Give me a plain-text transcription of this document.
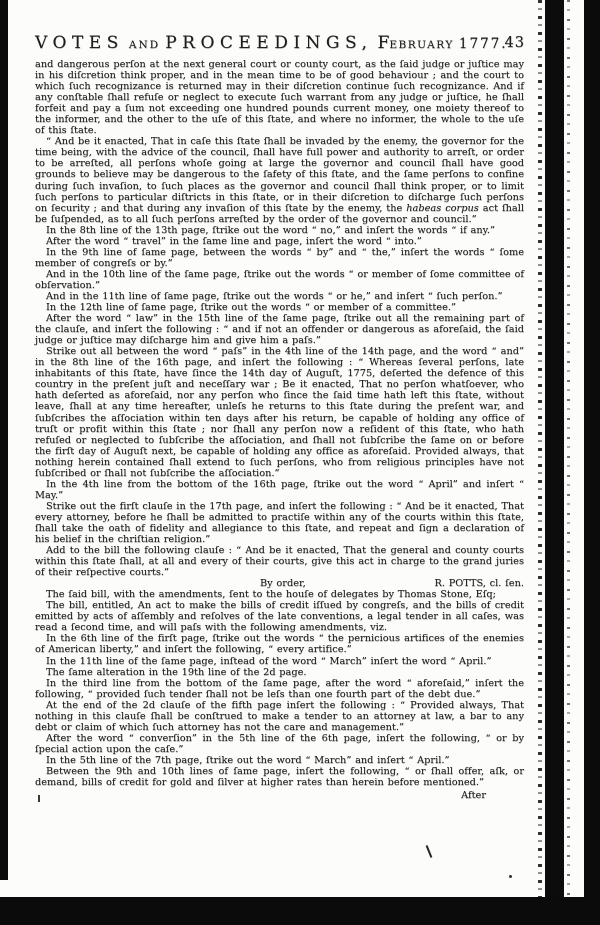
VOTES AND PROCEEDINGS, FEBRUARY 1777.
43

and dangerous perſon at the next general court or county court, as the ſaid judge or juſtice may in his diſcretion think proper, and in the mean time to be of good behaviour ; and the court to which ſuch recognizance is returned may in their diſcretion continue ſuch recognizance. And if any conſtable ſhall refuſe or neglect to execute ſuch warrant from any judge or juſtice, he ſhall forfeit and pay a ſum not exceeding one hundred pounds current money, one moiety thereof to the informer, and the other to the uſe of this ſtate, and where no informer, the whole to the uſe of this ſtate.

“ And be it enacted, That in caſe this ſtate ſhall be invaded by the enemy, the governor for the time being, with the advice of the council, ſhall have full power and authority to arreſt, or order to be arreſted, all perſons whoſe going at large the governor and council ſhall have good grounds to believe may be dangerous to the ſafety of this ſtate, and the ſame perſons to confine during ſuch invaſion, to ſuch places as the governor and council ſhall think proper, or to limit ſuch perſons to particular diſtricts in this ſtate, or in their diſcretion to diſcharge ſuch perſons on ſecurity ; and that during any invaſion of this ſtate by the enemy, the habeas corpus act ſhall be ſuſpended, as to all ſuch perſons arreſted by the order of the governor and council.”

In the 8th line of the 13th page, ſtrike out the word “ no,” and inſert the words “ if any.”

After the word “ travel” in the ſame line and page, inſert the word “ into.”

In the 9th line of ſame page, between the words “ by” and “ the,” inſert the words “ ſome member of congreſs or by.”

And in the 10th line of the ſame page, ſtrike out the words “ or member of ſome committee of obſervation.”

And in the 11th line of ſame page, ſtrike out the words “ or he,” and inſert “ ſuch perſon.”

In the 12th line of ſame page, ſtrike out the words “ or member of a committee.”

After the word “ law” in the 15th line of the ſame page, ſtrike out all the remaining part of the clauſe, and inſert the following : “ and if not an offender or dangerous as aforeſaid, the ſaid judge or juſtice may diſcharge him and give him a paſs.”

Strike out all between the word “ paſs” in the 4th line of the 14th page, and the word “ and” in the 8th line of the 16th page, and inſert the following : “ Whereas ſeveral perſons, late inhabitants of this ſtate, have ſince the 14th day of Auguſt, 1775, deſerted the defence of this country in the preſent juſt and neceſſary war ; Be it enacted, That no perſon whatſoever, who hath deſerted as aforeſaid, nor any perſon who ſince the ſaid time hath left this ſtate, without leave, ſhall at any time hereafter, unleſs he returns to this ſtate during the preſent war, and ſubſcribes the aſſociation within ten days after his return, be capable of holding any office of truſt or profit within this ſtate ; nor ſhall any perſon now a reſident of this ſtate, who hath refuſed or neglected to ſubſcribe the aſſociation, and ſhall not ſubſcribe the ſame on or before the firſt day of Auguſt next, be capable of holding any office as aforeſaid. Provided always, that nothing herein contained ſhall extend to ſuch perſons, who from religious principles have not ſubſcribed or ſhall not ſubſcribe the aſſociation.”

In the 4th line from the bottom of the 16th page, ſtrike out the word “ April” and inſert “ May.”

Strike out the firſt clauſe in the 17th page, and inſert the following : “ And be it enacted, That every attorney, before he ſhall be admitted to practiſe within any of the courts within this ſtate, ſhall take the oath of fidelity and allegiance to this ſtate, and repeat and ſign a declaration of his belief in the chriſtian religion.”

Add to the bill the following clauſe : “ And be it enacted, That the general and county courts within this ſtate ſhall, at all and every of their courts, give this act in charge to the grand juries of their reſpective courts.”

By order,	R. POTTS, cl. ſen.

The ſaid bill, with the amendments, ſent to the houſe of delegates by Thomas Stone, Eſq;

The bill, entitled, An act to make the bills of credit iſſued by congreſs, and the bills of credit emitted by acts of aſſembly and reſolves of the late conventions, a legal tender in all caſes, was read a ſecond time, and will paſs with the following amendments, viz.

In the 6th line of the firſt page, ſtrike out the words “ the pernicious artifices of the enemies of American liberty,” and inſert the following, “ every artifice.”

In the 11th line of the ſame page, inſtead of the word “ March” inſert the word “ April.”

The ſame alteration in the 19th line of the 2d page.

In the third line from the bottom of the ſame page, after the word “ aforeſaid,” inſert the following, “ provided ſuch tender ſhall not be leſs than one fourth part of the debt due.”

At the end of the 2d clauſe of the fifth page inſert the following : “ Provided always, That nothing in this clauſe ſhall be conſtrued to make a tender to an attorney at law, a bar to any debt or claim of which ſuch attorney has not the care and management.”

After the word “ converſion” in the 5th line of the 6th page, inſert the following, “ or by ſpecial action upon the caſe.”

In the 5th line of the 7th page, ſtrike out the word “ March” and inſert “ April.”

Between the 9th and 10th lines of ſame page, inſert the following, “ or ſhall offer, aſk, or demand, bills of credit for gold and ſilver at higher rates than herein before mentioned.”

After
